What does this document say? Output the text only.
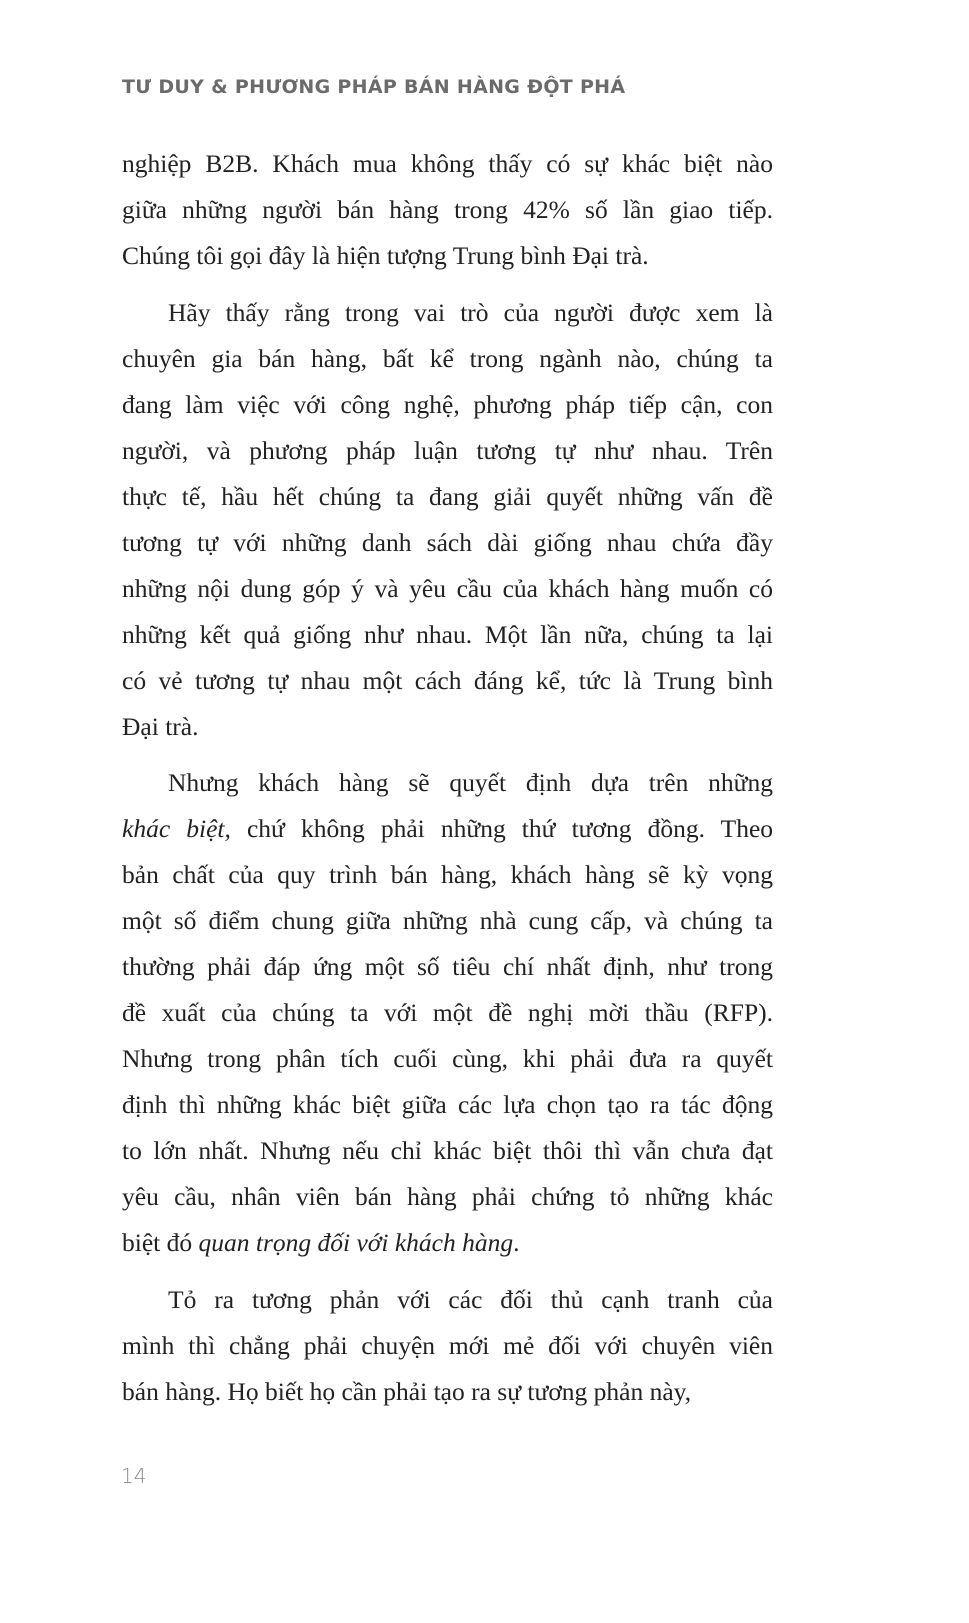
TƯ DUY & PHƯƠNG PHÁP BÁN HÀNG ĐỘT PHÁ
nghiệp B2B. Khách mua không thấy có sự khác biệt nào
giữa những người bán hàng trong 42% số lần giao tiếp.
Chúng tôi gọi đây là hiện tượng Trung bình Đại trà.
Hãy thấy rằng trong vai trò của người được xem là
chuyên gia bán hàng, bất kể trong ngành nào, chúng ta
đang làm việc với công nghệ, phương pháp tiếp cận, con
người, và phương pháp luận tương tự như nhau. Trên
thực tế, hầu hết chúng ta đang giải quyết những vấn đề
tương tự với những danh sách dài giống nhau chứa đầy
những nội dung góp ý và yêu cầu của khách hàng muốn có
những kết quả giống như nhau. Một lần nữa, chúng ta lại
có vẻ tương tự nhau một cách đáng kể, tức là Trung bình
Đại trà.
Nhưng khách hàng sẽ quyết định dựa trên những
khác biệt, chứ không phải những thứ tương đồng. Theo
bản chất của quy trình bán hàng, khách hàng sẽ kỳ vọng
một số điểm chung giữa những nhà cung cấp, và chúng ta
thường phải đáp ứng một số tiêu chí nhất định, như trong
đề xuất của chúng ta với một đề nghị mời thầu (RFP).
Nhưng trong phân tích cuối cùng, khi phải đưa ra quyết
định thì những khác biệt giữa các lựa chọn tạo ra tác động
to lớn nhất. Nhưng nếu chỉ khác biệt thôi thì vẫn chưa đạt
yêu cầu, nhân viên bán hàng phải chứng tỏ những khác
biệt đó quan trọng đối với khách hàng.
Tỏ ra tương phản với các đối thủ cạnh tranh của
mình thì chẳng phải chuyện mới mẻ đối với chuyên viên
bán hàng. Họ biết họ cần phải tạo ra sự tương phản này,
14
